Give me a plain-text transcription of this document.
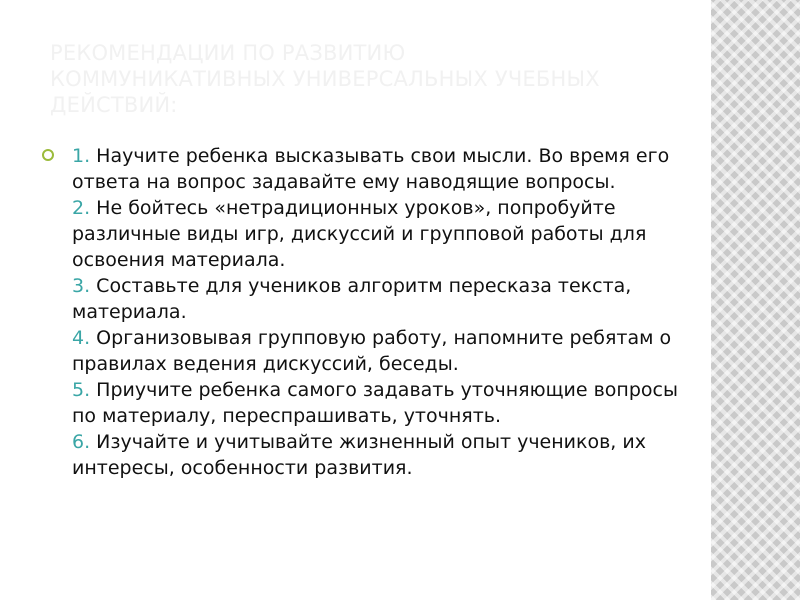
РЕКОМЕНДАЦИИ ПО РАЗВИТИЮ
КОММУНИКАТИВНЫХ УНИВЕРСАЛЬНЫХ УЧЕБНЫХ
ДЕЙСТВИЙ:
1. Научите ребенка высказывать свои мысли. Во время его ответа на вопрос задавайте ему наводящие вопросы.
2. Не бойтесь «нетрадиционных уроков», попробуйте различные виды игр, дискуссий и групповой работы для освоения материала.
3. Составьте для учеников алгоритм пересказа текста, материала.
4. Организовывая групповую работу, напомните ребятам о правилах ведения дискуссий, беседы.
5. Приучите ребенка самого задавать уточняющие вопросы по материалу, переспрашивать, уточнять.
6. Изучайте и учитывайте жизненный опыт учеников, их интересы, особенности развития.
